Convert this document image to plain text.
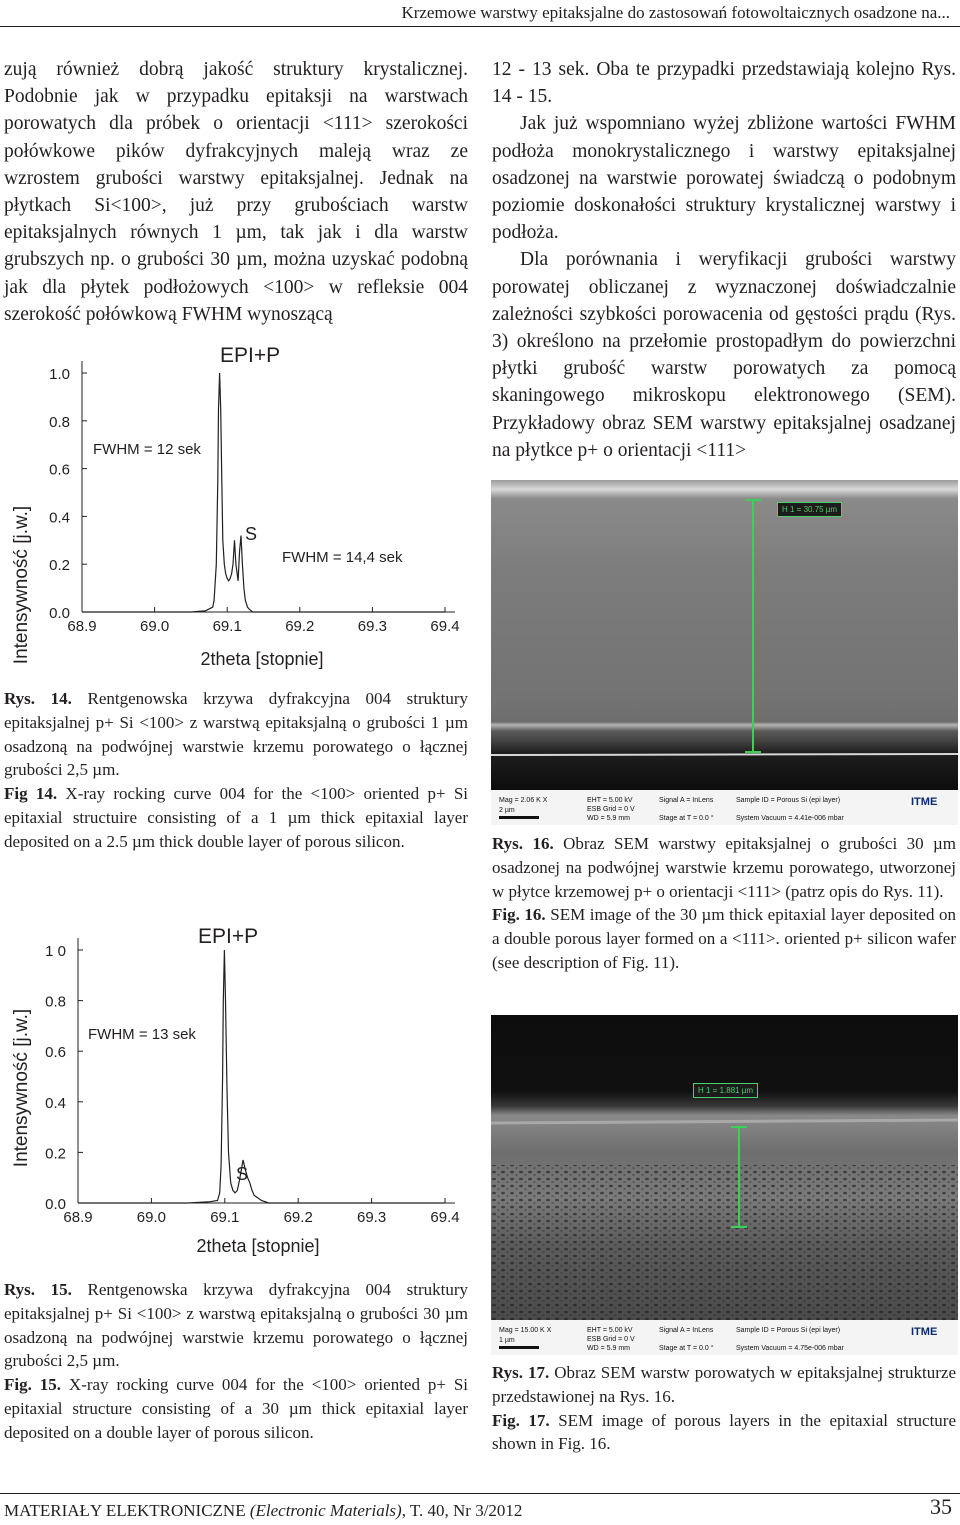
Krzemowe warstwy epitaksjalne do zastosowań fotowoltaicznych osadzone na...

zują również dobrą jakość struktury krystalicznej. Podobnie jak w przypadku epitaksji na warstwach porowatych dla próbek o orientacji <111> szerokości połówkowe pików dyfrakcyjnych maleją wraz ze wzrostem grubości warstwy epitaksjalnej. Jednak na płytkach Si<100>, już przy grubościach warstw epitaksjalnych równych 1 µm, tak jak i dla warstw grubszych np. o grubości 30 µm, można uzyskać podobną jak dla płytek podłożowych <100> w refleksie 004 szerokość połówkową FWHM wynoszącą

12 - 13 sek. Oba te przypadki przedstawiają kolejno Rys. 14 - 15.

Jak już wspomniano wyżej zbliżone wartości FWHM podłoża monokrystalicznego i warstwy epitaksjalnej osadzonej na warstwie porowatej świadczą o podobnym poziomie doskonałości struktury krystalicznej warstwy i podłoża.

Dla porównania i weryfikacji grubości warstwy porowatej obliczanej z wyznaczonej doświadczalnie zależności szybkości porowacenia od gęstości prądu (Rys. 3) określono na przełomie prostopadłym do powierzchni płytki grubość warstw porowatych za pomocą skaningowego mikroskopu elektronowego (SEM). Przykładowy obraz SEM warstwy epitaksjalnej osadzanej na płytkce p+ o orientacji <111>

EPI+P
Intensywność [j.w.]	2theta [stopnie]
FWHM = 12 sek
S
FWHM = 14,4 sek
1.0
0.8
0.6
0.4
0.2
0.0
68.9	69.0	69.1	69.2	69.3	69.4

Rys. 14. Rentgenowska krzywa dyfrakcyjna 004 struktury epitaksjalnej p+ Si <100> z warstwą epitaksjalną o grubości 1 µm osadzoną na podwójnej warstwie krzemu porowatego o łącznej grubości 2,5 µm.

Fig 14. X-ray rocking curve 004 for the <100> oriented p+ Si epitaxial structuire consisting of a 1 µm thick epitaxial layer deposited on a 2.5 µm thick double layer of porous silicon.

EPI+P
Intensywność [j.w.]
2theta [stopnie]
FWHM = 13 sek
S
1 0
0.8
0.6
0.4
0.2
0.0
68.9	69.0	69.1	69.2	69.3	69.4

Rys. 15. Rentgenowska krzywa dyfrakcyjna 004 struktury epitaksjalnej p+ Si <100> z warstwą epitaksjalną o grubości 30 µm osadzoną na podwójnej warstwie krzemu porowatego o łącznej grubości 2,5 µm.

Fig. 15. X-ray rocking curve 004 for the <100> oriented p+ Si epitaxial structure consisting of a 30 µm thick epitaxial layer deposited on a double layer of porous silicon.

H 1 = 30.75 µm
Mag = 2.06 K X
2 µm
EHT = 5.00 kV
ESB Grid = 0 V
WD = 5.9 mm
Signal A = InLens
Stage at T = 0.0 °
Sample ID = Porous Si (epi layer)
System Vacuum = 4.41e-006 mbar
ITME

Rys. 16. Obraz SEM warstwy epitaksjalnej o grubości 30 µm osadzonej na podwójnej warstwie krzemu porowatego, utworzonej w płytce krzemowej p+ o orientacji <111> (patrz opis do Rys. 11).

Fig. 16. SEM image of the 30 µm thick epitaxial layer deposited on a double porous layer formed on a <111>. oriented p+ silicon wafer (see description of Fig. 11).

H 1 = 1.881 µm
Mag = 15.00 K X
1 µm
EHT = 5.00 kV
ESB Grid = 0 V
WD = 5.9 mm
Signal A = InLens
Stage at T = 0.0 °
Sample ID = Porous Si (epi layer)
System Vacuum = 4.75e-006 mbar
ITME

Rys. 17. Obraz SEM warstw porowatych w epitaksjalnej strukturze przedstawionej na Rys. 16.

Fig. 17. SEM image of porous layers in the epitaxial structure shown in Fig. 16.

MATERIAŁY ELEKTRONICZNE (Electronic Materials), T. 40, Nr 3/2012	35
